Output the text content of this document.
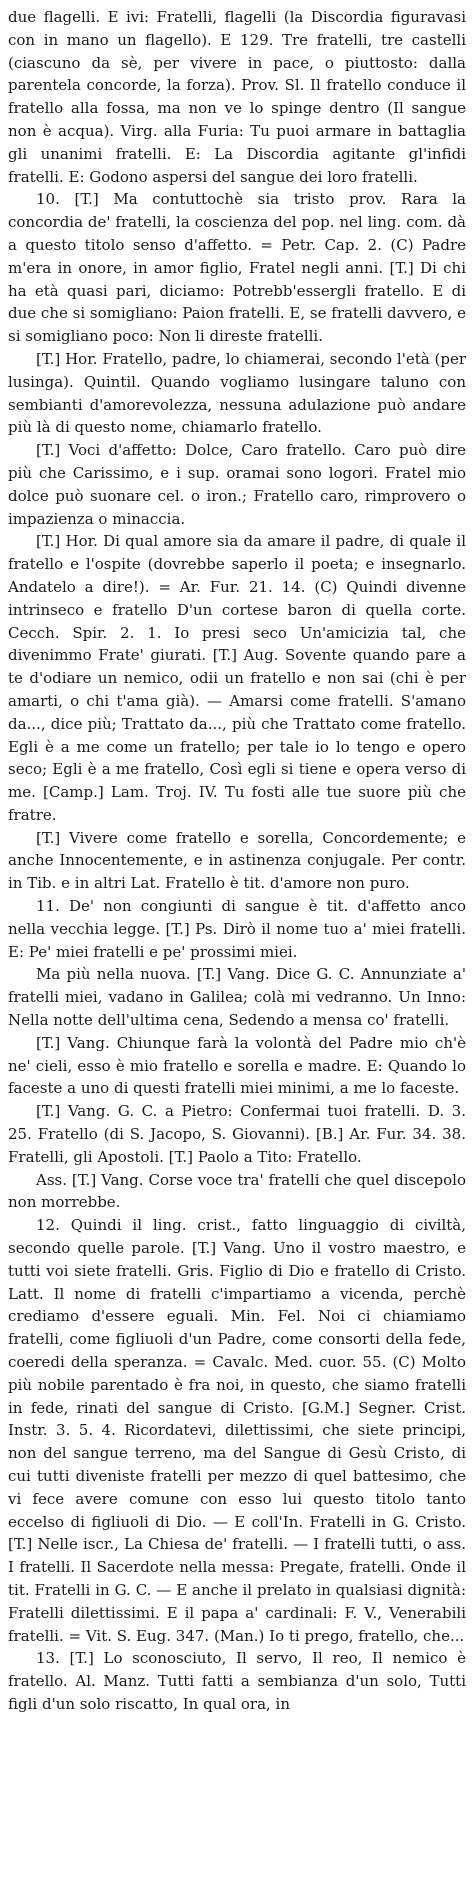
due flagelli. E ivi: Fratelli, flagelli (la Discordia figuravasi con in mano un flagello). E 129. Tre fratelli, tre castelli (ciascuno da sè, per vivere in pace, o piuttosto: dalla parentela concorde, la forza). Prov. Sl. Il fratello conduce il fratello alla fossa, ma non ve lo spinge dentro (Il sangue non è acqua). Virg. alla Furia: Tu puoi armare in battaglia gli unanimi fratelli. E: La Discordia agitante gl'infidi fratelli. E: Godono aspersi del sangue dei loro fratelli.

10. [T.] Ma contuttochè sia tristo prov. Rara la concordia de' fratelli, la coscienza del pop. nel ling. com. dà a questo titolo senso d'affetto. = Petr. Cap. 2. (C) Padre m'era in onore, in amor figlio, Fratel negli anni. [T.] Di chi ha età quasi pari, diciamo: Potrebb'essergli fratello. E di due che si somigliano: Paion fratelli. E, se fratelli davvero, e si somigliano poco: Non li direste fratelli.

[T.] Hor. Fratello, padre, lo chiamerai, secondo l'età (per lusinga). Quintil. Quando vogliamo lusingare taluno con sembianti d'amorevolezza, nessuna adulazione può andare più là di questo nome, chiamarlo fratello.

[T.] Voci d'affetto: Dolce, Caro fratello. Caro può dire più che Carissimo, e i sup. oramai sono logori. Fratel mio dolce può suonare cel. o iron.; Fratello caro, rimprovero o impazienza o minaccia.

[T.] Hor. Di qual amore sia da amare il padre, di quale il fratello e l'ospite (dovrebbe saperlo il poeta; e insegnarlo. Andatelo a dire!). = Ar. Fur. 21. 14. (C) Quindi divenne intrinseco e fratello D'un cortese baron di quella corte. Cecch. Spir. 2. 1. Io presi seco Un'amicizia tal, che divenimmo Frate' giurati. [T.] Aug. Sovente quando pare a te d'odiare un nemico, odii un fratello e non sai (chi è per amarti, o chi t'ama già). — Amarsi come fratelli. S'amano da..., dice più; Trattato da..., più che Trattato come fratello. Egli è a me come un fratello; per tale io lo tengo e opero seco; Egli è a me fratello, Così egli si tiene e opera verso di me. [Camp.] Lam. Troj. IV. Tu fosti alle tue suore più che fratre.

[T.] Vivere come fratello e sorella, Concordemente; e anche Innocentemente, e in astinenza conjugale. Per contr. in Tib. e in altri Lat. Fratello è tit. d'amore non puro.

11. De' non congiunti di sangue è tit. d'affetto anco nella vecchia legge. [T.] Ps. Dirò il nome tuo a' miei fratelli. E: Pe' miei fratelli e pe' prossimi miei.

Ma più nella nuova. [T.] Vang. Dice G. C. Annunziate a' fratelli miei, vadano in Galilea; colà mi vedranno. Un Inno: Nella notte dell'ultima cena, Sedendo a mensa co' fratelli.

[T.] Vang. Chiunque farà la volontà del Padre mio ch'è ne' cieli, esso è mio fratello e sorella e madre. E: Quando lo faceste a uno di questi fratelli miei minimi, a me lo faceste.

[T.] Vang. G. C. a Pietro: Confermai tuoi fratelli. D. 3. 25. Fratello (di S. Jacopo, S. Giovanni). [B.] Ar. Fur. 34. 38. Fratelli, gli Apostoli. [T.] Paolo a Tito: Fratello.

Ass. [T.] Vang. Corse voce tra' fratelli che quel discepolo non morrebbe.

12. Quindi il ling. crist., fatto linguaggio di civiltà, secondo quelle parole. [T.] Vang. Uno il vostro maestro, e tutti voi siete fratelli. Gris. Figlio di Dio e fratello di Cristo. Latt. Il nome di fratelli c'impartiamo a vicenda, perchè crediamo d'essere eguali. Min. Fel. Noi ci chiamiamo fratelli, come figliuoli d'un Padre, come consorti della fede, coeredi della speranza. = Cavalc. Med. cuor. 55. (C) Molto più nobile parentado è fra noi, in questo, che siamo fratelli in fede, rinati del sangue di Cristo. [G.M.] Segner. Crist. Instr. 3. 5. 4. Ricordatevi, dilettissimi, che siete principi, non del sangue terreno, ma del Sangue di Gesù Cristo, di cui tutti diveniste fratelli per mezzo di quel battesimo, che vi fece avere comune con esso lui questo titolo tanto eccelso di figliuoli di Dio. — E coll'In. Fratelli in G. Cristo. [T.] Nelle iscr., La Chiesa de' fratelli. — I fratelli tutti, o ass. I fratelli. Il Sacerdote nella messa: Pregate, fratelli. Onde il tit. Fratelli in G. C. — E anche il prelato in qualsiasi dignità: Fratelli dilettissimi. E il papa a' cardinali: F. V., Venerabili fratelli. = Vit. S. Eug. 347. (Man.) Io ti prego, fratello, che...

13. [T.] Lo sconosciuto, Il servo, Il reo, Il nemico è fratello. Al. Manz. Tutti fatti a sembianza d'un solo, Tutti figli d'un solo riscatto, In qual ora, in
